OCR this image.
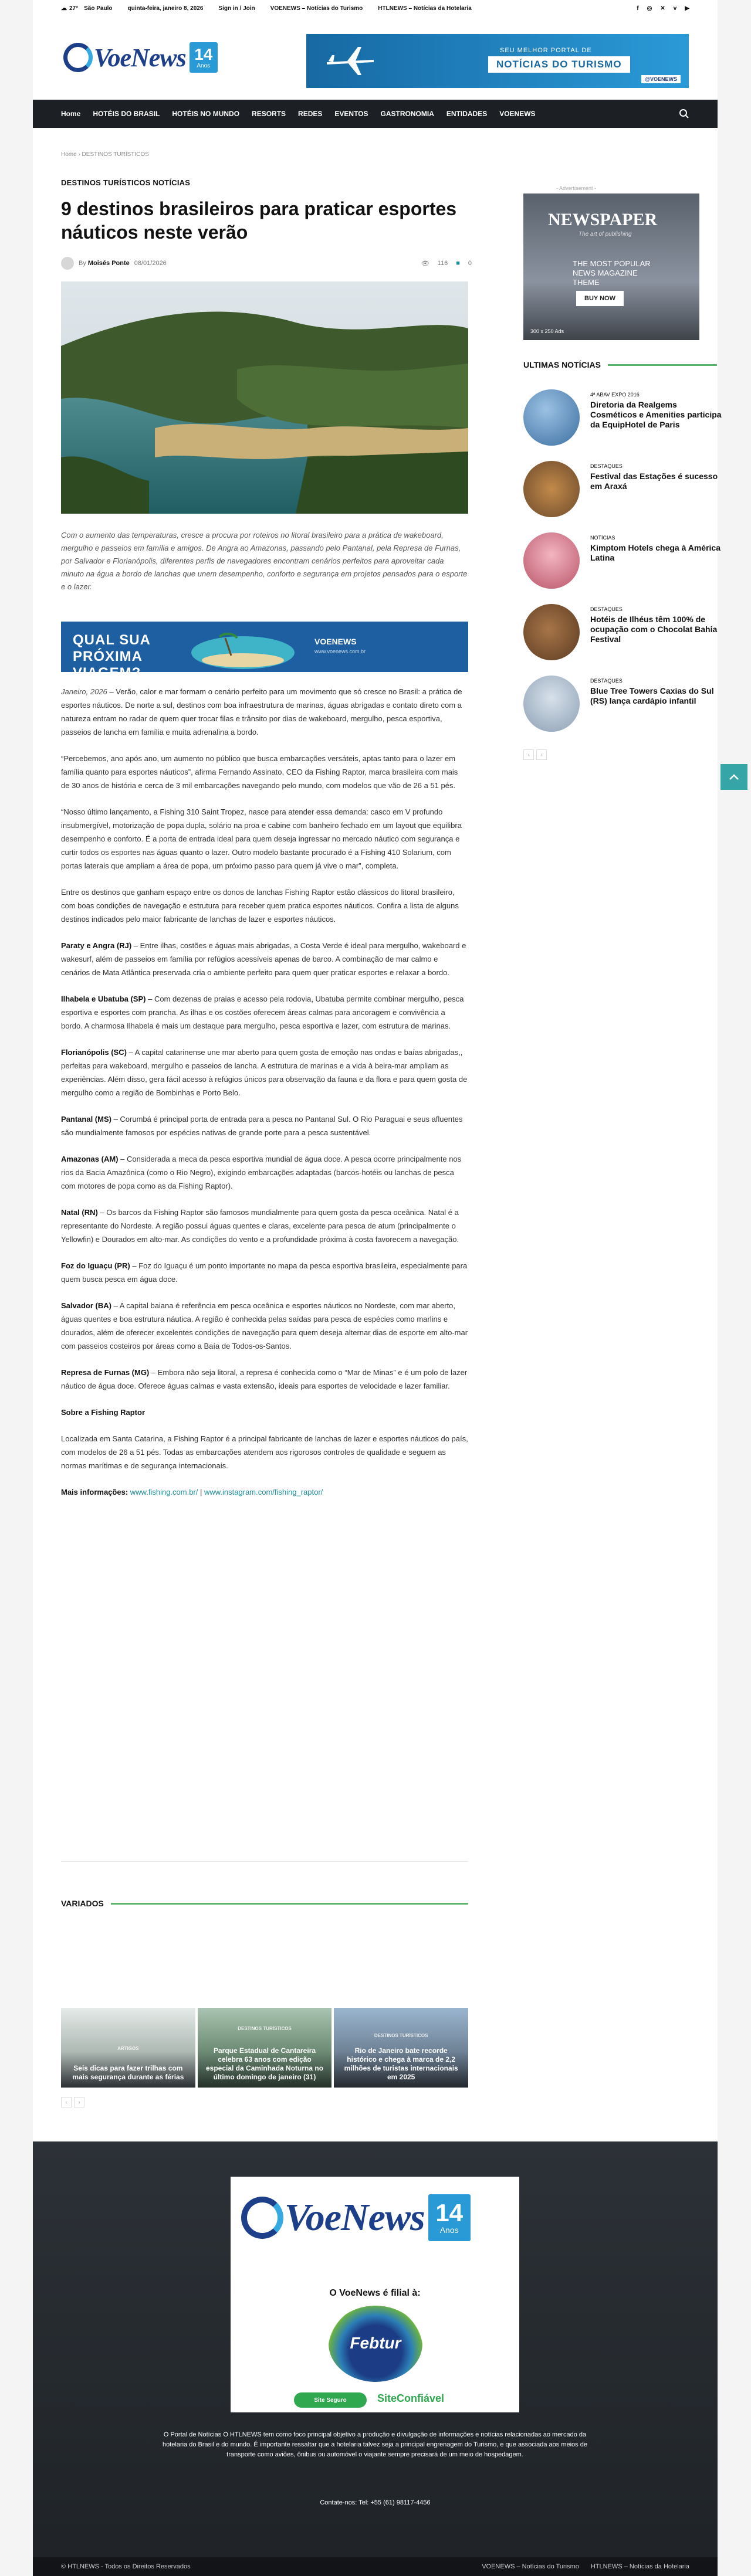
☁ 27° São Paulo	quinta-feira, janeiro 8, 2026	Sign in / Join	VOENEWS – Notícias do Turismo	HTLNEWS – Notícias da Hotelaria	f ◎ ✕ v ▶
VoeNews 14
Anos
SEU MELHOR PORTAL DE
NOTÍCIAS DO TURISMO
@VOENEWS
Home HOTÉIS DO BRASIL HOTÉIS NO MUNDO RESORTS REDES EVENTOS GASTRONOMIA ENTIDADES VOENEWS
Home › DESTINOS TURÍSTICOS
DESTINOS TURÍSTICOS NOTÍCIAS
9 destinos brasileiros para praticar esportes náuticos neste verão
By Moisés Ponte 08/01/2026	👁 116 ■ 0

Com o aumento das temperaturas, cresce a procura por roteiros no litoral brasileiro para a prática de wakeboard, mergulho e passeios em família e amigos. De Angra ao Amazonas, passando pelo Pantanal, pela Represa de Furnas, por Salvador e Florianópolis, diferentes perfis de navegadores encontram cenários perfeitos para aproveitar cada minuto na água a bordo de lanchas que unem desempenho, conforto e segurança em projetos pensados para o esporte e o lazer.

QUAL SUA PRÓXIMA VIAGEM?
VOENEWS
www.voenews.com.br

Janeiro, 2026 – Verão, calor e mar formam o cenário perfeito para um movimento que só cresce no Brasil: a prática de esportes náuticos. De norte a sul, destinos com boa infraestrutura de marinas, águas abrigadas e contato direto com a natureza entram no radar de quem quer trocar filas e trânsito por dias de wakeboard, mergulho, pesca esportiva, passeios de lancha em família e muita adrenalina a bordo.

“Percebemos, ano após ano, um aumento no público que busca embarcações versáteis, aptas tanto para o lazer em família quanto para esportes náuticos”, afirma Fernando Assinato, CEO da Fishing Raptor, marca brasileira com mais de 30 anos de história e cerca de 3 mil embarcações navegando pelo mundo, com modelos que vão de 26 a 51 pés.

“Nosso último lançamento, a Fishing 310 Saint Tropez, nasce para atender essa demanda: casco em V profundo insubmergível, motorização de popa dupla, solário na proa e cabine com banheiro fechado em um layout que equilibra desempenho e conforto. É a porta de entrada ideal para quem deseja ingressar no mercado náutico com segurança e curtir todos os esportes nas águas quanto o lazer. Outro modelo bastante procurado é a Fishing 410 Solarium, com portas laterais que ampliam a área de popa, um próximo passo para quem já vive o mar”, completa.

Entre os destinos que ganham espaço entre os donos de lanchas Fishing Raptor estão clássicos do litoral brasileiro, com boas condições de navegação e estrutura para receber quem pratica esportes náuticos. Confira a lista de alguns destinos indicados pelo maior fabricante de lanchas de lazer e esportes náuticos.

Paraty e Angra (RJ) – Entre ilhas, costões e águas mais abrigadas, a Costa Verde é ideal para mergulho, wakeboard e wakesurf, além de passeios em família por refúgios acessíveis apenas de barco. A combinação de mar calmo e cenários de Mata Atlântica preservada cria o ambiente perfeito para quem quer praticar esportes e relaxar a bordo.

Ilhabela e Ubatuba (SP) – Com dezenas de praias e acesso pela rodovia, Ubatuba permite combinar mergulho, pesca esportiva e esportes com prancha. As ilhas e os costões oferecem áreas calmas para ancoragem e convivência a bordo. A charmosa Ilhabela é mais um destaque para mergulho, pesca esportiva e lazer, com estrutura de marinas.

Florianópolis (SC) – A capital catarinense une mar aberto para quem gosta de emoção nas ondas e baías abrigadas,, perfeitas para wakeboard, mergulho e passeios de lancha. A estrutura de marinas e a vida à beira-mar ampliam as experiências. Além disso, gera fácil acesso à refúgios únicos para observação da fauna e da flora e para quem gosta de mergulho como a região de Bombinhas e Porto Belo.

Pantanal (MS) – Corumbá é principal porta de entrada para a pesca no Pantanal Sul. O Rio Paraguai e seus afluentes são mundialmente famosos por espécies nativas de grande porte para a pesca sustentável.

Amazonas (AM) – Considerada a meca da pesca esportiva mundial de água doce. A pesca ocorre principalmente nos rios da Bacia Amazônica (como o Rio Negro), exigindo embarcações adaptadas (barcos-hotéis ou lanchas de pesca com motores de popa como as da Fishing Raptor).

Natal (RN) – Os barcos da Fishing Raptor são famosos mundialmente para quem gosta da pesca oceânica. Natal é a representante do Nordeste. A região possui águas quentes e claras, excelente para pesca de atum (principalmente o Yellowfin) e Dourados em alto-mar. As condições do vento e a profundidade próxima à costa favorecem a navegação.

Foz do Iguaçu (PR) – Foz do Iguaçu é um ponto importante no mapa da pesca esportiva brasileira, especialmente para quem busca pesca em água doce.

Salvador (BA) – A capital baiana é referência em pesca oceânica e esportes náuticos no Nordeste, com mar aberto, águas quentes e boa estrutura náutica. A região é conhecida pelas saídas para pesca de espécies como marlins e dourados, além de oferecer excelentes condições de navegação para quem deseja alternar dias de esporte em alto-mar com passeios costeiros por áreas como a Baía de Todos-os-Santos.

Represa de Furnas (MG) – Embora não seja litoral, a represa é conhecida como o “Mar de Minas” e é um polo de lazer náutico de água doce. Oferece águas calmas e vasta extensão, ideais para esportes de velocidade e lazer familiar.

Sobre a Fishing Raptor

Localizada em Santa Catarina, a Fishing Raptor é a principal fabricante de lanchas de lazer e esportes náuticos do país, com modelos de 26 a 51 pés. Todas as embarcações atendem aos rigorosos controles de qualidade e seguem as normas marítimas e de segurança internacionais.

Mais informações: www.fishing.com.br/ | www.instagram.com/fishing_raptor/

VARIADOS
ARTIGOS
Seis dicas para fazer trilhas com mais segurança durante as férias
DESTINOS TURÍSTICOS
Parque Estadual de Cantareira celebra 63 anos com edição especial da Caminhada Noturna no último domingo de janeiro (31)
DESTINOS TURÍSTICOS
Rio de Janeiro bate recorde histórico e chega à marca de 2,2 milhões de turistas internacionais em 2025
‹	›
- Advertisement -
NEWSPAPER
The art of publishing
THE MOST POPULAR NEWS MAGAZINE THEME
BUY NOW
300 x 250 Ads
ULTIMAS NOTÍCIAS
4ª ABAV EXPO 2016
Diretoria da Realgems Cosméticos e Amenities participa da EquipHotel de Paris
DESTAQUES
Festival das Estações é sucesso em Araxá
NOTÍCIAS
Kimptom Hotels chega à América Latina
DESTAQUES
Hotéis de Ilhéus têm 100% de ocupação com o Chocolat Bahia Festival
DESTAQUES
Blue Tree Towers Caxias do Sul (RS) lança cardápio infantil
‹	›
VoeNews 14
Anos
O VoeNews é filial à:
Febtur
Site Seguro	SiteConfiável

O Portal de Notícias O HTLNEWS tem como foco principal objetivo a produção e divulgação de informações e notícias relacionadas ao mercado da hotelaria do Brasil e do mundo. É importante ressaltar que a hotelaria talvez seja a principal engrenagem do Turismo, e que associada aos meios de transporte como aviões, ônibus ou automóvel o viajante sempre precisará de um meio de hospedagem.

Contate-nos: Tel: +55 (61) 98117-4456

© HTLNEWS - Todos os Direitos Reservados	VOENEWS – Notícias do Turismo HTLNEWS – Notícias da Hotelaria
